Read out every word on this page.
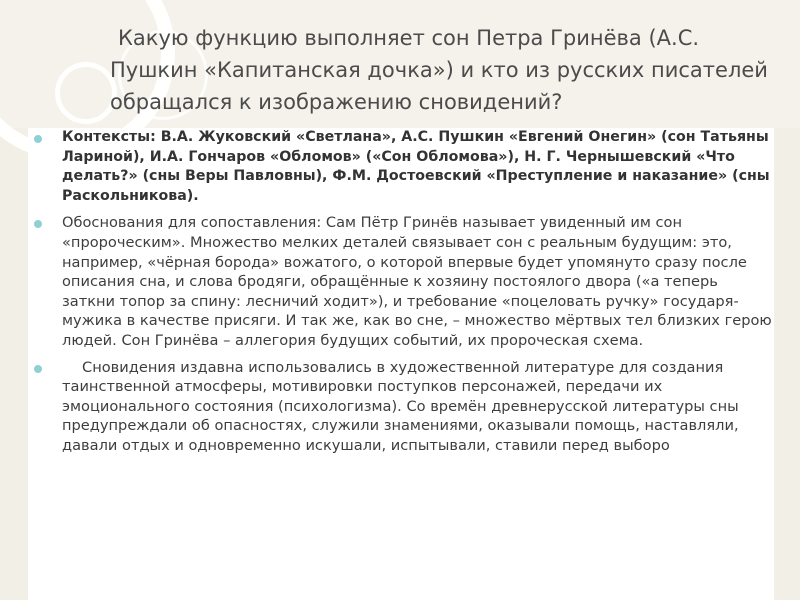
Какую функцию выполняет сон Петра Гринёва (А.С. Пушкин «Капитанская дочка») и кто из русских писателей обращался к изображению сновидений?

Контексты: В.А. Жуковский «Светлана», А.С. Пушкин «Евгений Онегин» (сон Татьяны Лариной), И.А. Гончаров «Обломов» («Сон Обломова»), Н. Г. Чернышевский «Что делать?» (сны Веры Павловны), Ф.М. Достоевский «Преступление и наказание» (сны Раскольникова).

Обоснования для сопоставления: Сам Пётр Гринёв называет увиденный им сон «пророческим». Множество мелких деталей связывает сон с реальным будущим: это, например, «чёрная борода» вожатого, о которой впервые будет упомянуто сразу после описания сна, и слова бродяги, обращённые к хозяину постоялого двора («а теперь заткни топор за спину: лесничий ходит»), и требование «поцеловать ручку» государя-мужика в качестве присяги. И так же, как во сне, – множество мёртвых тел близких герою людей. Сон Гринёва – аллегория будущих событий, их пророческая схема.

Сновидения издавна использовались в художественной литературе для создания таинственной атмосферы, мотивировки поступков персонажей, передачи их эмоционального состояния (психологизма). Со времён древнерусской литературы сны предупреждали об опасностях, служили знамениями, оказывали помощь, наставляли, давали отдых и одновременно искушали, испытывали, ставили перед выборо
